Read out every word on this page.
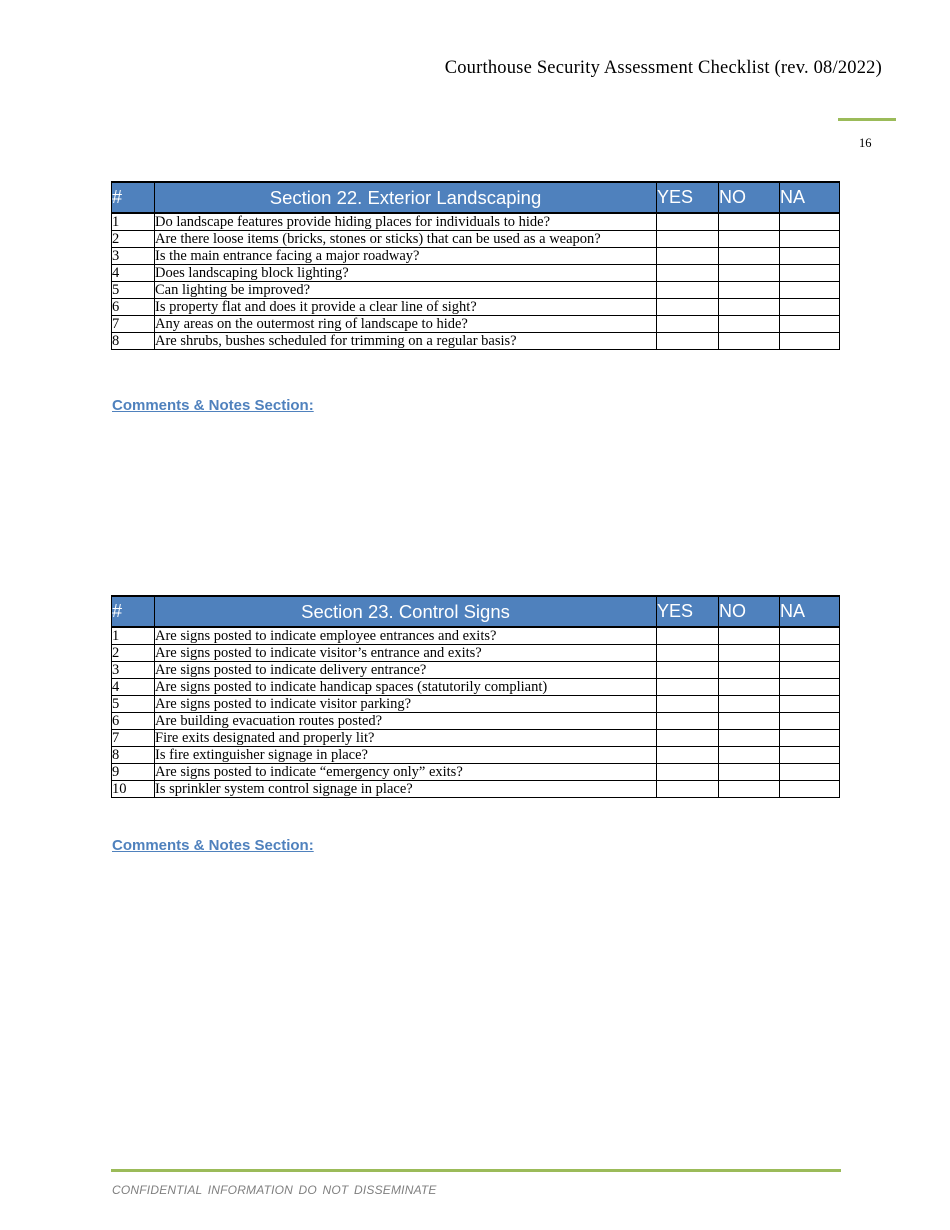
Courthouse Security Assessment Checklist (rev. 08/2022)
16
#	Section 22. Exterior Landscaping	YES	NO	NA
1	Do landscape features provide hiding places for individuals to hide?			
2	Are there loose items (bricks, stones or sticks) that can be used as a weapon?			
3	Is the main entrance facing a major roadway?			
4	Does landscaping block lighting?			
5	Can lighting be improved?			
6	Is property flat and does it provide a clear line of sight?			
7	Any areas on the outermost ring of landscape to hide?			
8	Are shrubs, bushes scheduled for trimming on a regular basis?			
Comments & Notes Section:
#	Section 23. Control Signs	YES	NO	NA
1	Are signs posted to indicate employee entrances and exits?			
2	Are signs posted to indicate visitor’s entrance and exits?			
3	Are signs posted to indicate delivery entrance?			
4	Are signs posted to indicate handicap spaces (statutorily compliant)			
5	Are signs posted to indicate visitor parking?			
6	Are building evacuation routes posted?			
7	Fire exits designated and properly lit?			
8	Is fire extinguisher signage in place?			
9	Are signs posted to indicate “emergency only” exits?			
10	Is sprinkler system control signage in place?			
Comments & Notes Section:
CONFIDENTIAL INFORMATION DO NOT DISSEMINATE
